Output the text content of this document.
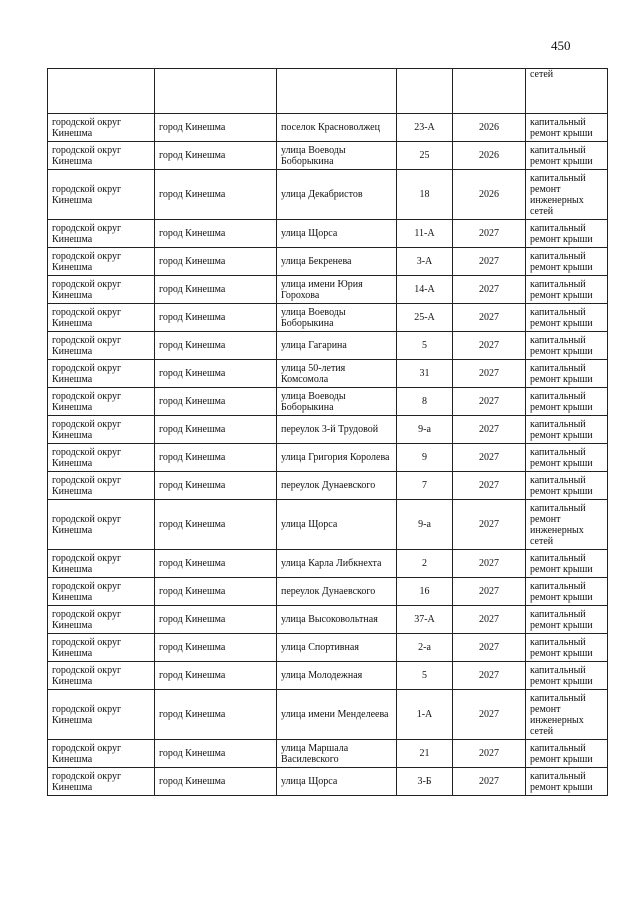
450
					сетей
городской округ Кинешма	город Кинешма	поселок Красноволжец	23-А	2026	капитальный ремонт крыши
городской округ Кинешма	город Кинешма	улица Воеводы Боборыкина	25	2026	капитальный ремонт крыши
городской округ Кинешма	город Кинешма	улица Декабристов	18	2026	капитальный ремонт инженерных сетей
городской округ Кинешма	город Кинешма	улица Щорса	11-А	2027	капитальный ремонт крыши
городской округ Кинешма	город Кинешма	улица Бекренева	3-А	2027	капитальный ремонт крыши
городской округ Кинешма	город Кинешма	улица имени Юрия Горохова	14-А	2027	капитальный ремонт крыши
городской округ Кинешма	город Кинешма	улица Воеводы Боборыкина	25-А	2027	капитальный ремонт крыши
городской округ Кинешма	город Кинешма	улица Гагарина	5	2027	капитальный ремонт крыши
городской округ Кинешма	город Кинешма	улица 50-летия Комсомола	31	2027	капитальный ремонт крыши
городской округ Кинешма	город Кинешма	улица Воеводы Боборыкина	8	2027	капитальный ремонт крыши
городской округ Кинешма	город Кинешма	переулок 3-й Трудовой	9-а	2027	капитальный ремонт крыши
городской округ Кинешма	город Кинешма	улица Григория Королева	9	2027	капитальный ремонт крыши
городской округ Кинешма	город Кинешма	переулок Дунаевского	7	2027	капитальный ремонт крыши
городской округ Кинешма	город Кинешма	улица Щорса	9-а	2027	капитальный ремонт инженерных сетей
городской округ Кинешма	город Кинешма	улица Карла Либкнехта	2	2027	капитальный ремонт крыши
городской округ Кинешма	город Кинешма	переулок Дунаевского	16	2027	капитальный ремонт крыши
городской округ Кинешма	город Кинешма	улица Высоковольтная	37-А	2027	капитальный ремонт крыши
городской округ Кинешма	город Кинешма	улица Спортивная	2-а	2027	капитальный ремонт крыши
городской округ Кинешма	город Кинешма	улица Молодежная	5	2027	капитальный ремонт крыши
городской округ Кинешма	город Кинешма	улица имени Менделеева	1-А	2027	капитальный ремонт инженерных сетей
городской округ Кинешма	город Кинешма	улица Маршала Василевского	21	2027	капитальный ремонт крыши
городской округ Кинешма	город Кинешма	улица Щорса	3-Б	2027	капитальный ремонт крыши
